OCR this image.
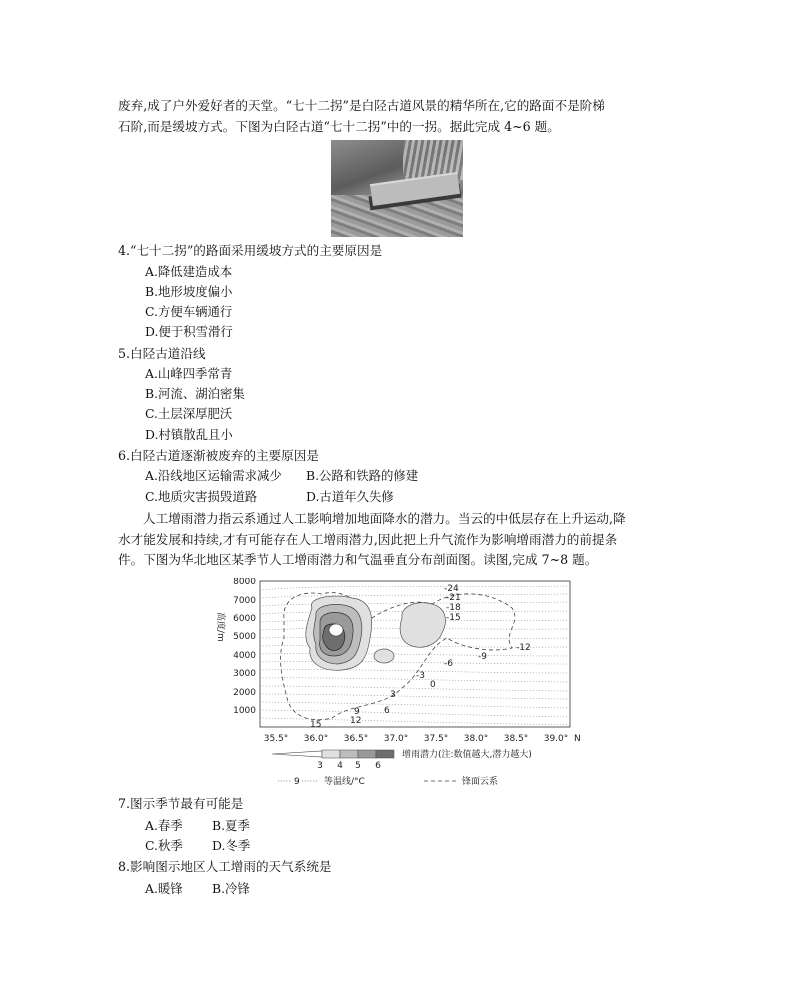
废弃,成了户外爱好者的天堂。“七十二拐”是白陉古道风景的精华所在,它的路面不是阶梯
石阶,而是缓坡方式。下图为白陉古道“七十二拐”中的一拐。据此完成 4~6 题。
4.“七十二拐”的路面采用缓坡方式的主要原因是
A.降低建造成本
B.地形坡度偏小
C.方便车辆通行
D.便于积雪滑行
5.白陉古道沿线
A.山峰四季常青
B.河流、湖泊密集
C.土层深厚肥沃
D.村镇散乱且小
6.白陉古道逐渐被废弃的主要原因是
A.沿线地区运输需求减少 B.公路和铁路的修建
C.地质灾害损毁道路	D.古道年久失修
人工增雨潜力指云系通过人工影响增加地面降水的潜力。当云的中低层存在上升运动,降
水才能发展和持续,才有可能存在人工增雨潜力,因此把上升气流作为影响增雨潜力的前提条
件。下图为华北地区某季节人工增雨潜力和气温垂直分布剖面图。读图,完成 7~8 题。
高度/m
-24
-21
-18
-15
-12
-9
-6
-3
0
3
6
9
12
15
8000
7000
6000
5000
4000
3000
2000
1000
35.5° 36.0° 36.5° 37.0° 37.5° 38.0° 38.5° 39.0° N
增雨潜力(注:数值越大,潜力越大)
3 4 5 6
9	等温线/°C	锋面云系
7.图示季节最有可能是
A.春季 B.夏季
C.秋季 D.冬季
8.影响图示地区人工增雨的天气系统是
A.暖锋 B.冷锋
